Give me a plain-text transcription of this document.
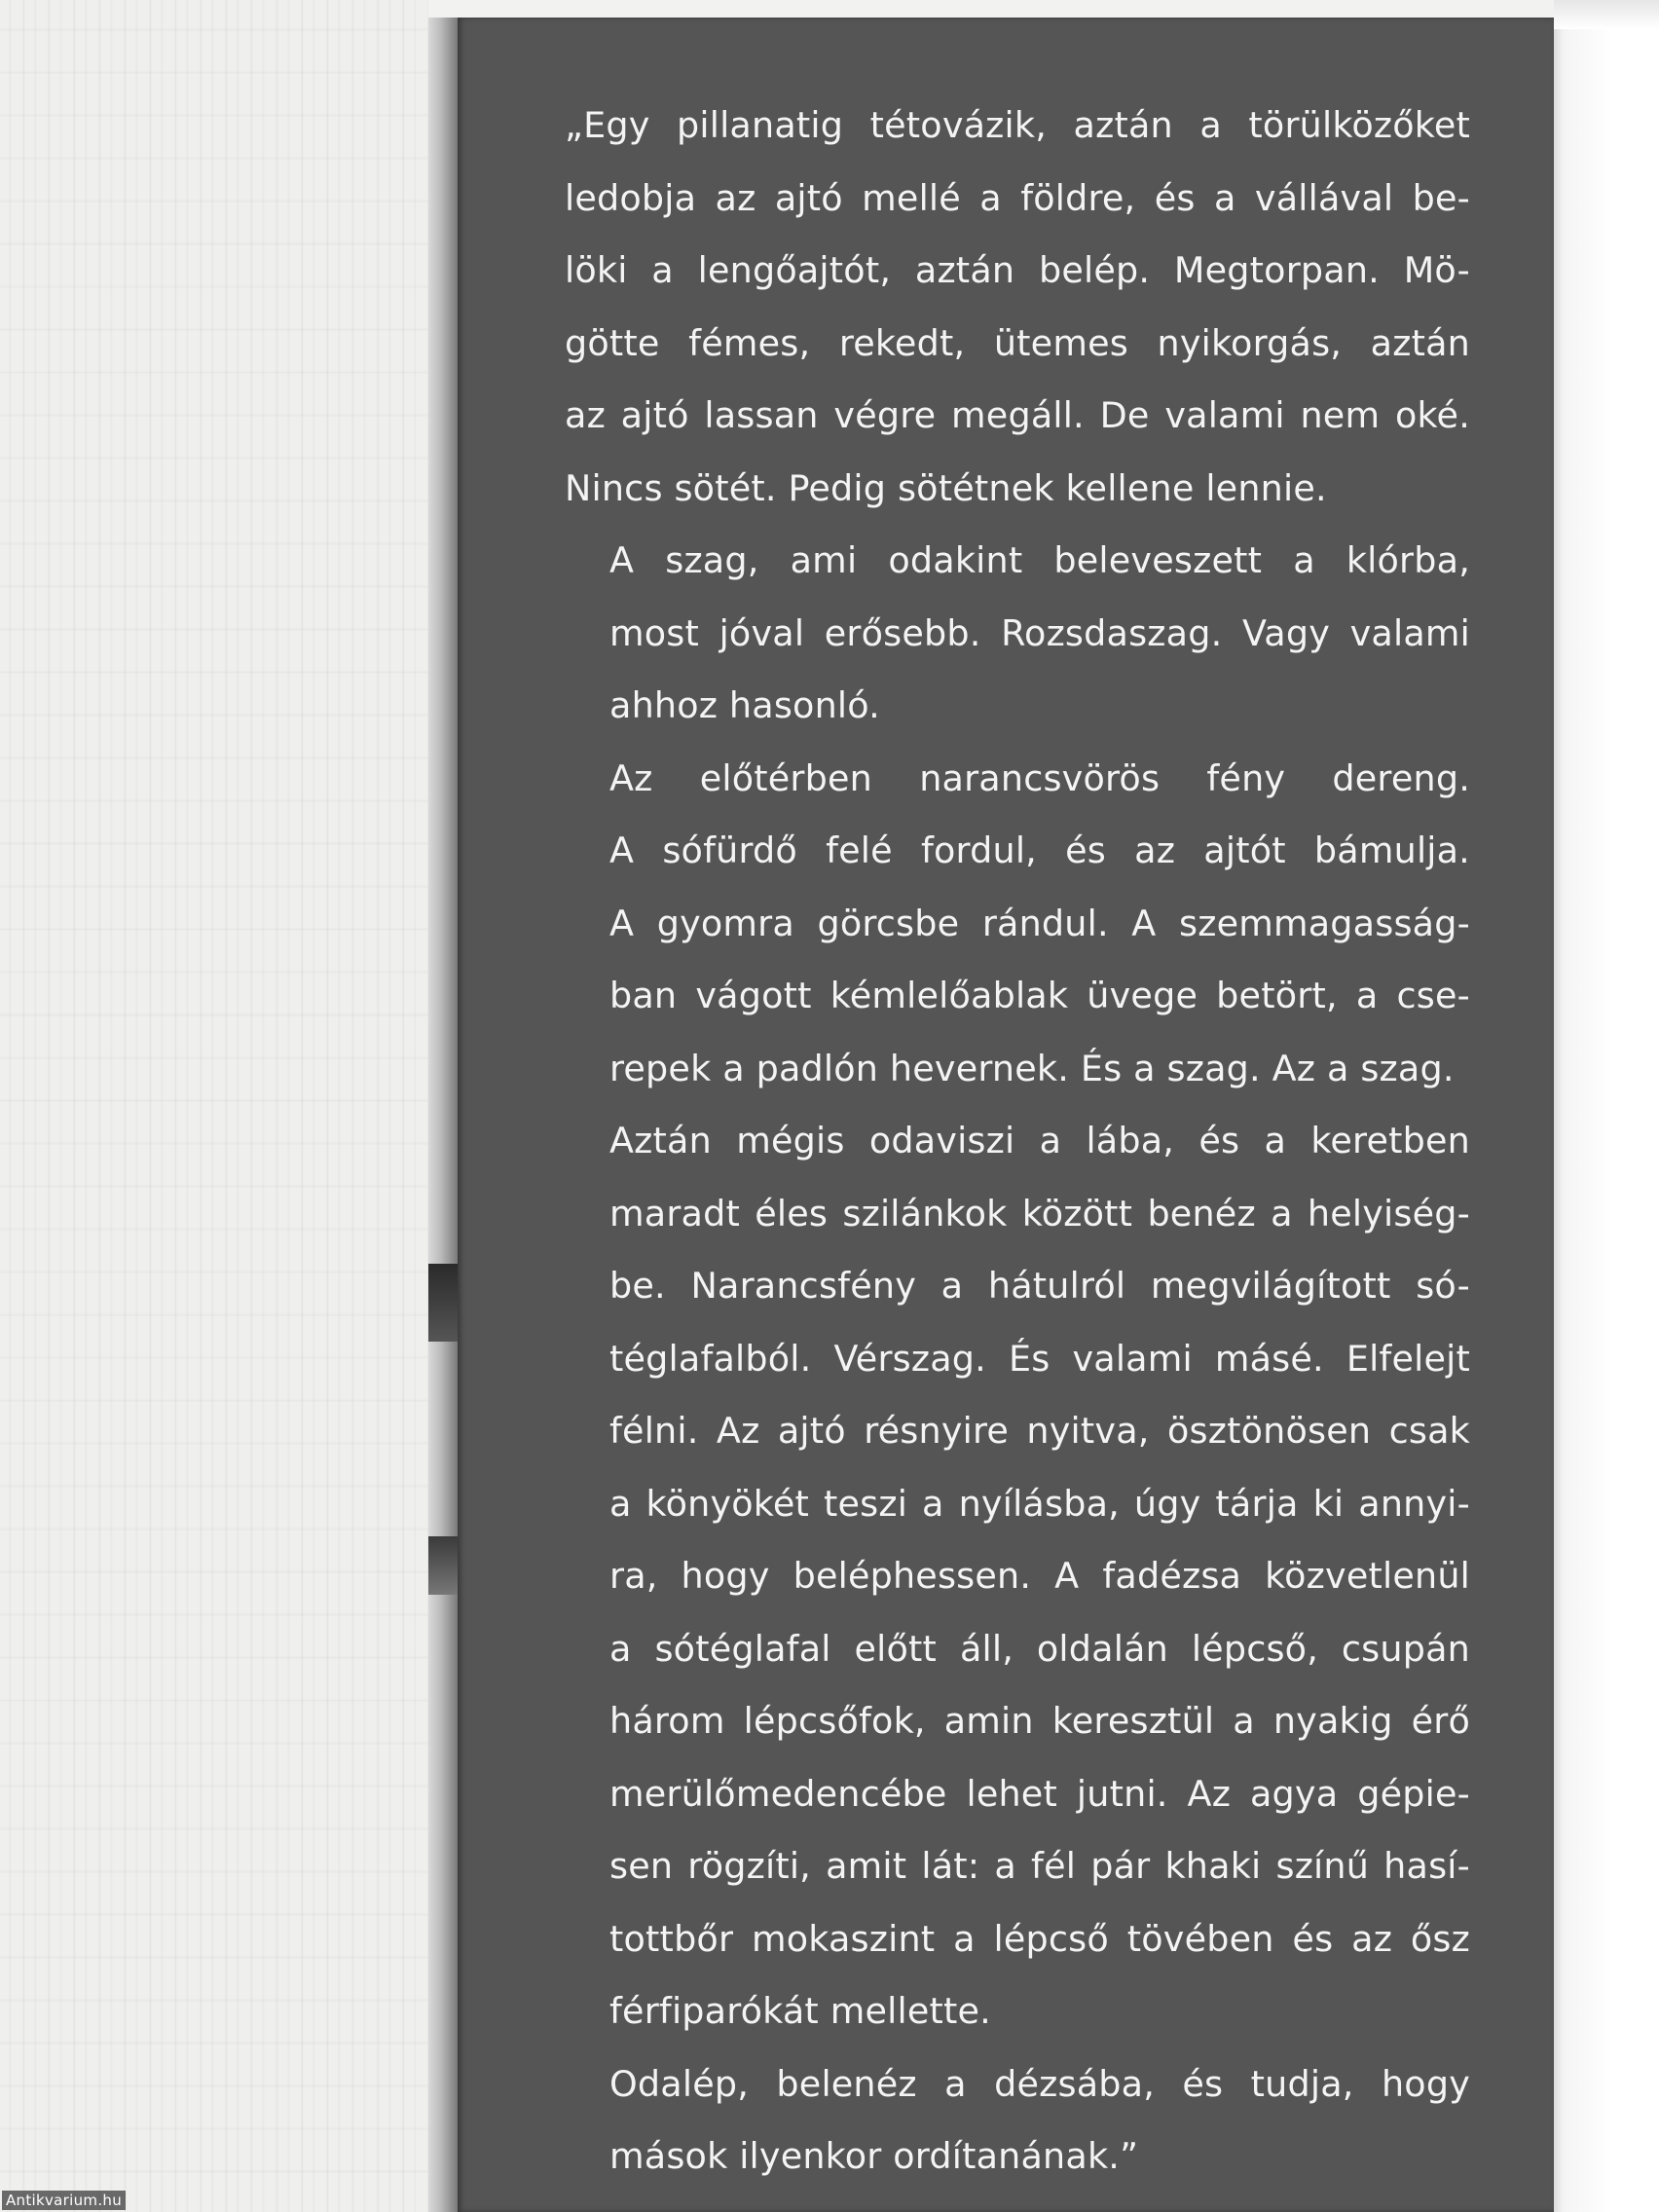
„Egy pillanatig tétovázik, aztán a törülközőket
ledobja az ajtó mellé a földre, és a vállával be-
löki a lengőajtót, aztán belép. Megtorpan. Mö-
götte fémes, rekedt, ütemes nyikorgás, aztán
az ajtó lassan végre megáll. De valami nem oké.
Nincs sötét. Pedig sötétnek kellene lennie.
A szag, ami odakint beleveszett a klórba,
most jóval erősebb. Rozsdaszag. Vagy valami
ahhoz hasonló.
Az előtérben narancsvörös fény dereng.
A sófürdő felé fordul, és az ajtót bámulja.
A gyomra görcsbe rándul. A szemmagasság-
ban vágott kémlelőablak üvege betört, a cse-
repek a padlón hevernek. És a szag. Az a szag.
Aztán mégis odaviszi a lába, és a keretben
maradt éles szilánkok között benéz a helyiség-
be. Narancsfény a hátulról megvilágított só-
téglafalból. Vérszag. És valami másé. Elfelejt
félni. Az ajtó résnyire nyitva, ösztönösen csak
a könyökét teszi a nyílásba, úgy tárja ki annyi-
ra, hogy beléphessen. A fadézsa közvetlenül
a sótéglafal előtt áll, oldalán lépcső, csupán
három lépcsőfok, amin keresztül a nyakig érő
merülőmedencébe lehet jutni. Az agya gépie-
sen rögzíti, amit lát: a fél pár khaki színű hasí-
tottbőr mokaszint a lépcső tövében és az ősz
férfiparókát mellette.
Odalép, belenéz a dézsába, és tudja, hogy
mások ilyenkor ordítanának.”
Antikvarium.hu
